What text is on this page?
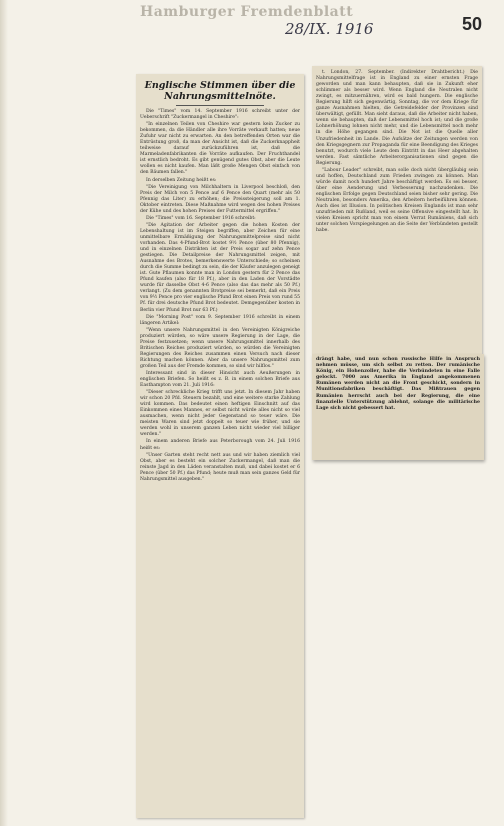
Hamburger Fremdenblatt
28/IX. 1916	50
Englische Stimmen über die Nahrungsmittelnöte.

Die "Times" vom 14. September 1916 schreibt unter der Ueberschrift "Zuckermangel in Cheshire":

"In einzelnen Teilen von Cheshire war gestern kein Zucker zu bekommen, da die Händler alle ihre Vorräte verkauft hatten; neue Zufuhr war nicht zu erwarten. An den betreffenden Orten war die Entrüstung groß, da man der Ansicht ist, daß die Zuckerknappheit teilweise darauf zurückzuführen ist, daß die Marmeladenfabrikanten die Vorräte aufkaufen. Der Fruchthandel ist ernstlich bedroht. Es gibt genügend gutes Obst, aber die Leute wollen es nicht kaufen. Man läßt große Mengen Obst einfach von den Bäumen fallen."

In derselben Zeitung heißt es:

"Die Vereinigung von Milchhaltern in Liverpool beschloß, den Preis der Milch von 5 Pence auf 6 Pence den Quart (mehr als 50 Pfennig das Liter) zu erhöhen; die Preissteigerung soll am 1. Oktober eintreten. Diese Maßnahme wird wegen des hohen Preises der Kühe und des hohen Preises der Futtermittel ergriffen."

Die "Times" vom 16. September 1916 schreibt:

"Die Agitation der Arbeiter gegen die hohen Kosten der Lebenshaltung ist im Steigen begriffen, aber Zeichen für eine unmittelbare Ermäßigung der Nahrungsmittelpreise sind nicht vorhanden. Das 4-Pfund-Brot kostet 9½ Pence (über 80 Pfennig), und in einzelnen Distrikten ist der Preis sogar auf zehn Pence gestiegen. Die Detailpreise der Nahrungsmittel zeigen, mit Ausnahme des Brotes, bemerkenswerte Unterschiede; so scheinen durch die Summe bedingt zu sein, die der Käufer anzulegen geneigt ist. Gute Pflaumen konnte man in London gestern für 2 Pence das Pfund kaufen (also für 18 Pf.), aber in den Laden der Vorstädte wurde für dasselbe Obst 4-6 Pence (also das das mehr als 50 Pf.) verlangt. (Zu dem genannten Brotpreise sei bemerkt, daß ein Preis von 9½ Pence pro vier englische Pfund Brot einen Preis von rund 55 Pf. für drei deutsche Pfund Brot bedeutet. Demgegenüber kosten in Berlin vier Pfund Brot nur 63 Pf.)

Die "Morning Post" vom 9. September 1916 schreibt in einem längeren Artikel:

"Wenn unsere Nahrungsmittel in den Vereinigten Königreiche produziert würden, so wäre unsere Regierung in der Lage, die Preise festzusetzen; wenn unsere Nahrungsmittel innerhalb des Britischen Reiches produziert würden, so würden die Vereinigten Regierungen des Reiches zusammen einen Versuch nach dieser Richtung machen können. Aber da unsere Nahrungsmittel zum großen Teil aus der Fremde kommen, so sind wir hilflos."

Interessant sind in dieser Hinsicht auch Aeußerungen in englischen Briefen. So heißt es z. B. in einem solchen Briefe aus Easthampton vom 21. Juli 1916:

"Dieser schreckliche Krieg trifft uns jetzt. In diesem Jahr haben wir schon 20 Pfd. Steuern bezahlt, und eine weitere starke Zahlung wird kommen. Das bedeutet einen heftigen Einschnitt auf das Einkommen eines Mannes, er selbst nicht würde alles nicht so viel ausmachen, wenn nicht jeder Gegenstand so teuer wäre. Die meisten Waren sind jetzt doppelt so teuer wie früher, und sie werden wohl in unserem ganzen Leben nicht wieder viel billiger werden."

In einem anderen Briefe aus Peterborough vom 24. Juli 1916 heißt es:

"Unser Garten steht recht nett aus und wir haben ziemlich viel Obst, aber es besteht ein solcher Zuckermangel, daß man die reinste Jagd in den Läden veranstalten muß, und dabei kostet er 6 Pence (über 50 Pf.) das Pfund; heute muß man sein ganzes Geld für Nahrungsmittel ausgeben."

t. London, 27. September. (Indirekter Drahtbericht.) Die Nahrungsmittelfrage ist in England zu einer ernsten Frage geworden und man kann behaupten, daß sie in Zukunft eher schlimmer als besser wird. Wenn England die Neutralen nicht zwingt, es mitzuernähren, wird es bald hungern. Die englische Regierung hilft sich gegenwärtig, Sonntag, die vor dem Kriege für ganze Ausnahmen hielten, die Getreidefelder der Provinzen sind überwältigt, gefüllt. Man sieht daraus, daß die Arbeiter nicht haben, wenn sie behaupten, daß der Lebensmittel hoch ist; und die große Lohnerhöhung lohnen nicht mehr, und die Lebensmittel noch mehr in die Höhe gegangen sind. Die Not ist die Quelle aller Unzufriedenheit im Lande. Die Aufsätze der Zeitungen werden von den Kriegsgegnern zur Propaganda für eine Beendigung des Krieges benutzt, wodurch viele Leute dem Eintritt in das Heer abgehalten werden. Fast sämtliche Arbeiterorganisationen sind gegen die Regierung.

"Labour Leader" schreibt, man solle doch nicht übergläubig sein und hoffen, Deutschland zum Frieden zwingen zu können. Man würde damit noch hundert Jahre beschäftigt werden. Es sei besser, über eine Aenderung und Verbesserung nachzudenken. Die englischen Erfolge gegen Deutschland seien bisher sehr gering. Die Neutralen, besonders Amerika, den Arbeitern herbeiführen können. Auch dies ist Illusion. In politischen Kreisen Englands ist man sehr unzufrieden mit Rußland, weil es seine Offensive eingestellt hat. In vielen Kreisen spricht man von einem Verrat Rumäniens, daß sich unter solchen Vorspiegelungen an die Seite der Verbündeten gestellt habe.

drängt habe, und nun schon russische Hilfe in Anspruch nehmen müsse, um sich selbst zu retten. Der rumänische König, ein Hohenzoller, habe die Verbündeten in eine Falle gelockt. 7000 aus Amerika in England angekommenen Rumänen werden nicht an die Front geschickt, sondern in Munitionsfabriken beschäftigt. Das Mißtrauen gegen Rumänien herrscht auch bei der Regierung, die eine finanzielle Unterstützung ablehnt, solange die militärische Lage sich nicht gebessert hat.
